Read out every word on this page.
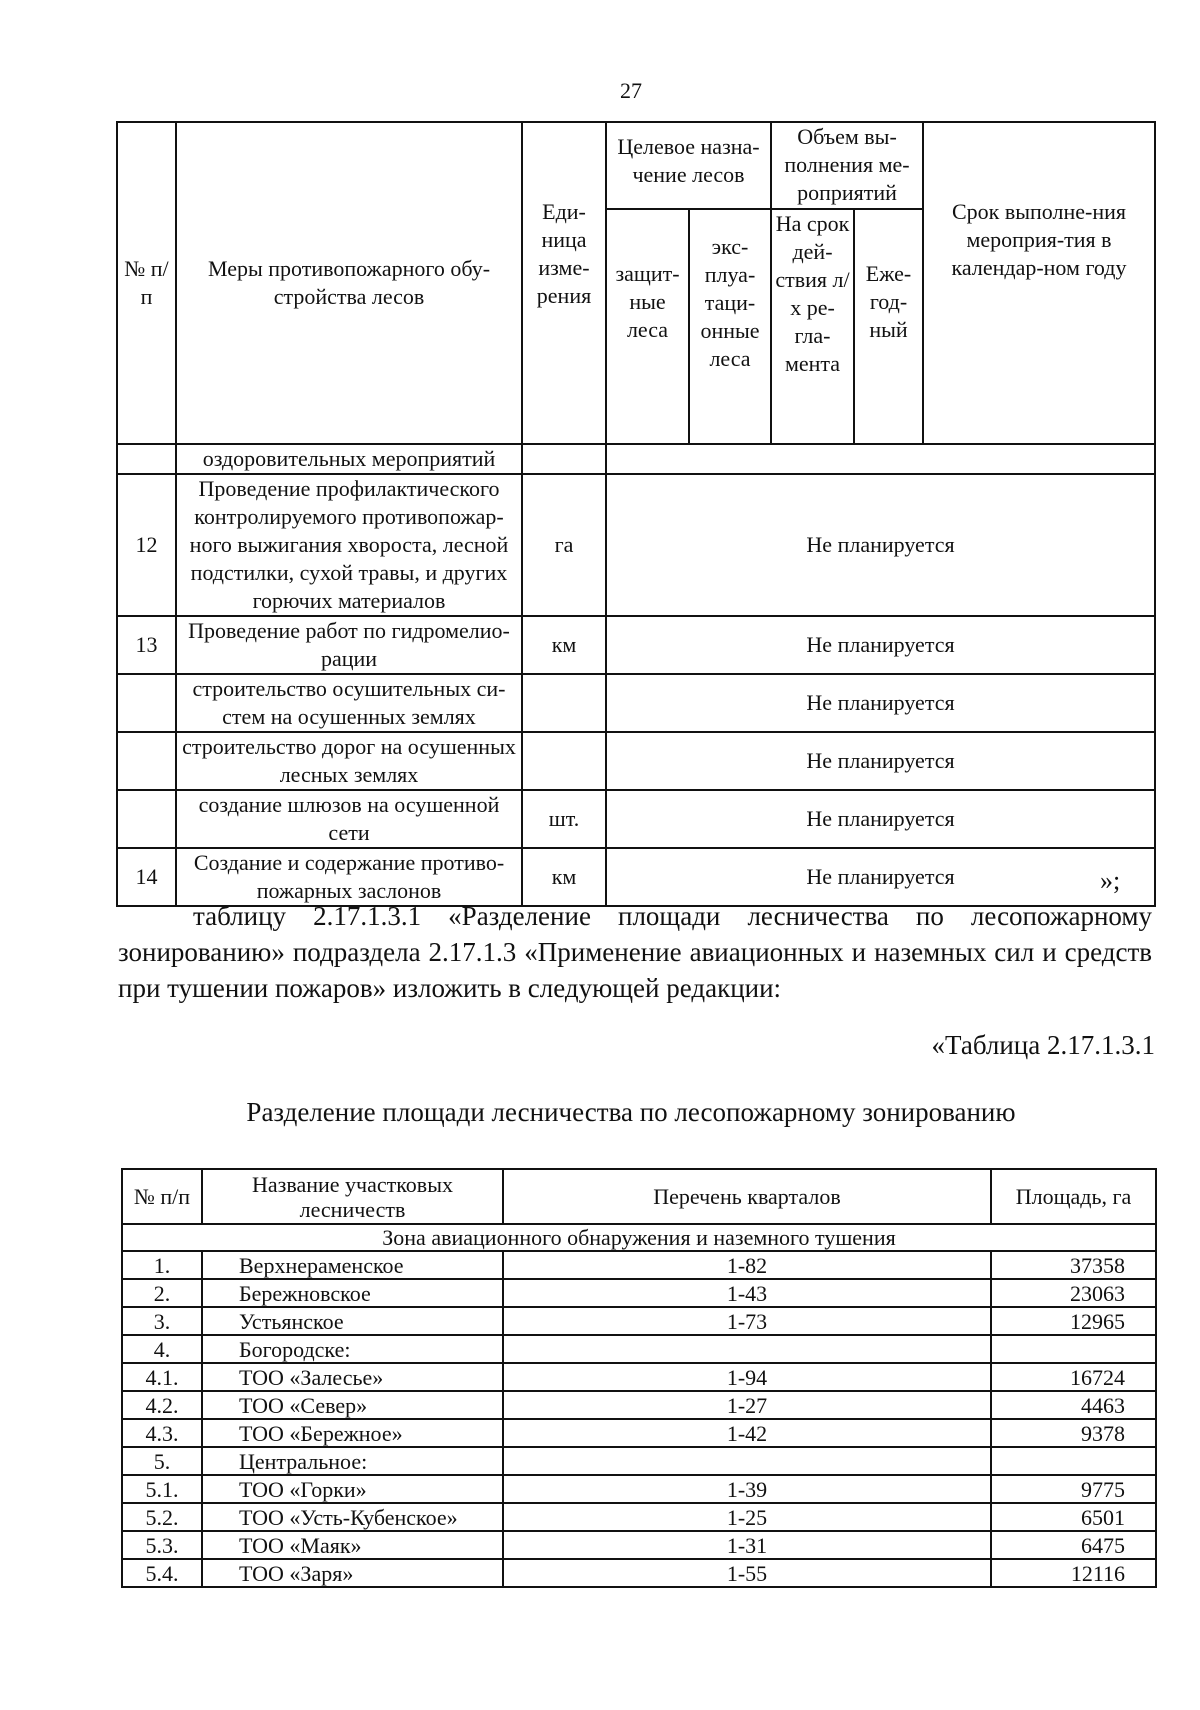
27
№ п/п	Меры противопожарного обу-стройства лесов	Еди-ница изме-рения	Целевое назна-чение лесов		Объем вы-полнения ме-роприятий		Срок выполне-ния мероприя-тия в календар-ном году
			защит-ные леса	экс-плуа-таци-онные леса	На срок дей-ствия л/х ре-гла-мента	Еже-год-ный	
	оздоровительных мероприятий						
12	Проведение профилактического контролируемого противопожар-ного выжигания хвороста, лесной подстилки, сухой травы, и других горючих материалов	га	Не планируется				
13	Проведение работ по гидромелио-рации	км	Не планируется				
	строительство осушительных си-стем на осушенных землях		Не планируется				
	строительство дорог на осушенных лесных землях		Не планируется				
	создание шлюзов на осушенной сети	шт.	Не планируется				
14	Создание и содержание противо-пожарных заслонов	км	Не планируется					»;
таблицу 2.17.1.3.1 «Разделение площади лесничества по лесопожарному зонированию» подраздела 2.17.1.3 «Применение авиационных и наземных сил и средств при тушении пожаров» изложить в следующей редакции:
«Таблица 2.17.1.3.1
Разделение площади лесничества по лесопожарному зонированию
№ п/п	Название участковых лесничеств	Перечень кварталов	Площадь, га
Зона авиационного обнаружения и наземного тушения			
1.	Верхнераменское	1-82	37358
2.	Бережновское	1-43	23063
3.	Устьянское	1-73	12965
4.	Богородске:		
4.1.	ТОО «Залесье»	1-94	16724
4.2.	ТОО «Север»	1-27	4463
4.3.	ТОО «Бережное»	1-42	9378
5.	Центральное:		
5.1.	ТОО «Горки»	1-39	9775
5.2.	ТОО «Усть-Кубенское»	1-25	6501
5.3.	ТОО «Маяк»	1-31	6475
5.4.	ТОО «Заря»	1-55	12116
